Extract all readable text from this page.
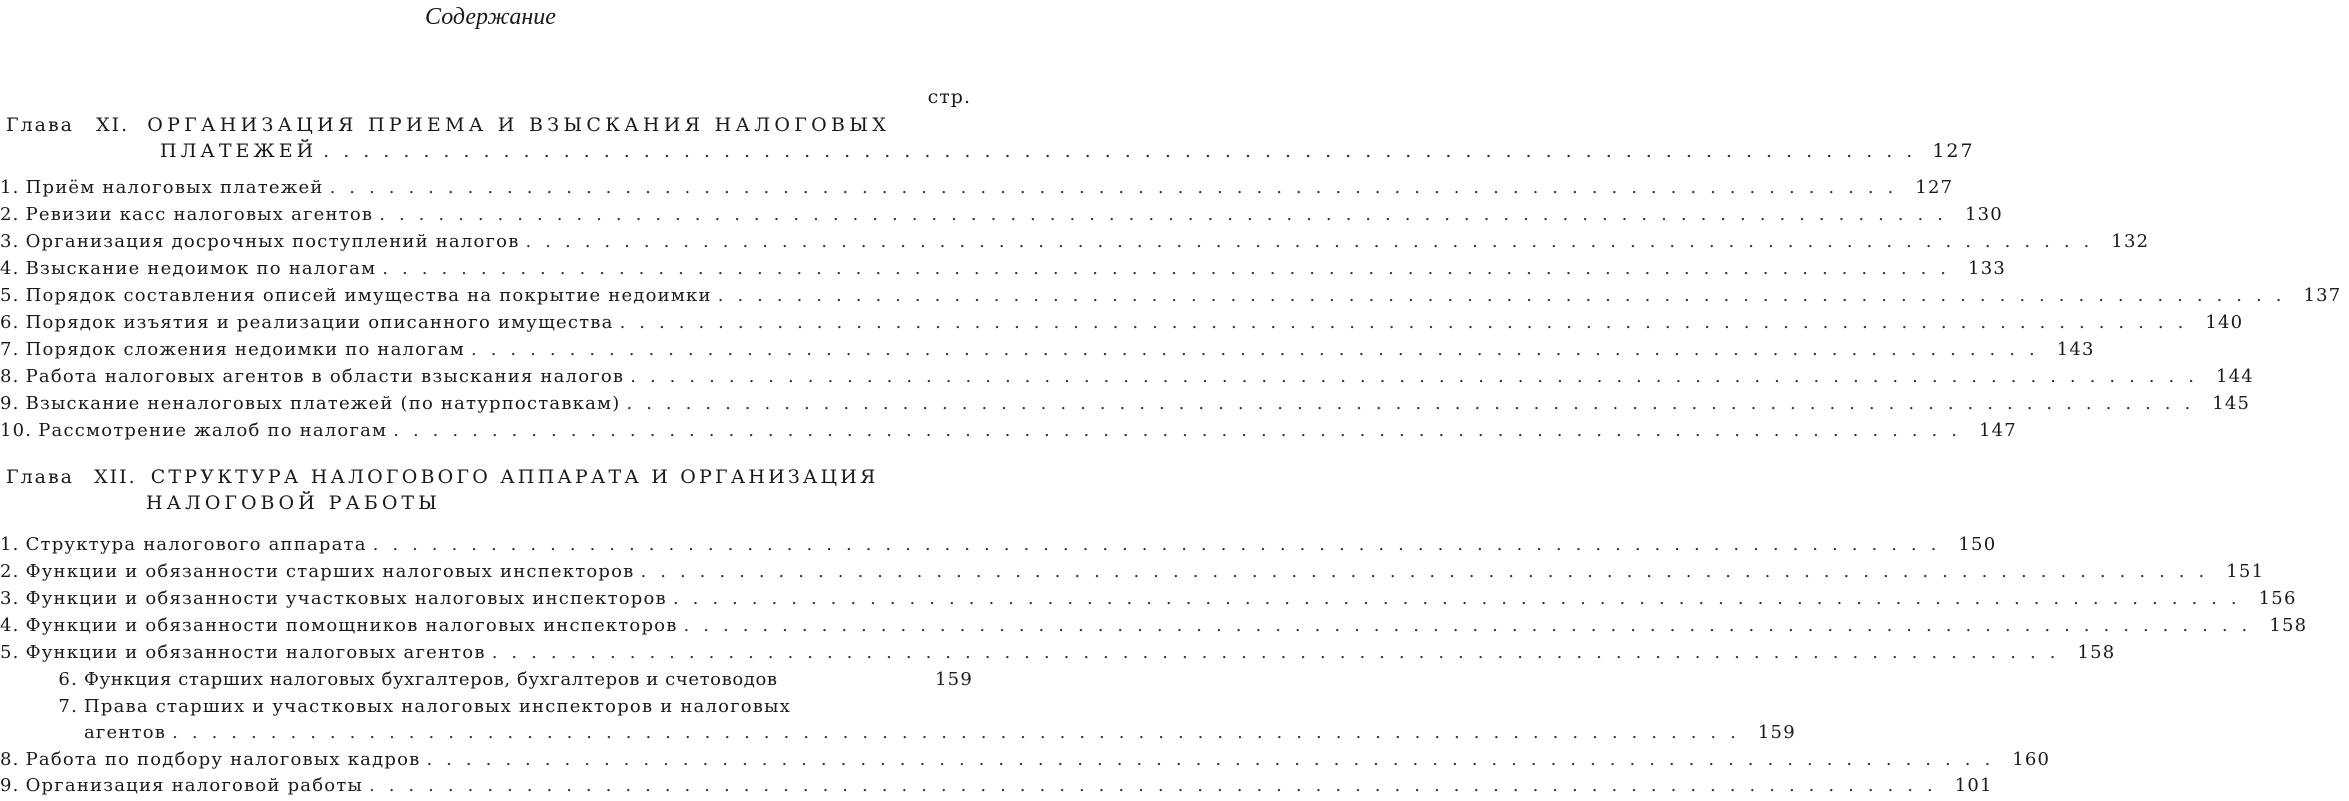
Содержание
стр.
Глава XI. ОРГАНИЗАЦИЯ ПРИЕМА И ВЗЫСКАНИЯ НАЛОГОВЫХ
ПЛАТЕЖЕЙ ................................................................................ 127
1. Приём налоговых платежей ................................................................................ 127
2. Ревизии касс налоговых агентов ................................................................................ 130
3. Организация досрочных поступлений налогов ................................................................................ 132
4. Взыскание недоимок по налогам ................................................................................ 133
5. Порядок составления описей имущества на покрытие недоимки ................................................................................ 137
6. Порядок изъятия и реализации описанного имущества ................................................................................ 140
7. Порядок сложения недоимки по налогам ................................................................................ 143
8. Работа налоговых агентов в области взыскания налогов ................................................................................ 144
9. Взыскание неналоговых платежей (по натурпоставкам) ................................................................................ 145
10. Рассмотрение жалоб по налогам ................................................................................ 147
Глава XII. СТРУКТУРА НАЛОГОВОГО АППАРАТА И ОРГАНИЗАЦИЯ
НАЛОГОВОЙ РАБОТЫ
1. Структура налогового аппарата ................................................................................ 150
2. Функции и обязанности старших налоговых инспекторов ................................................................................ 151
3. Функции и обязанности участковых налоговых инспекторов ................................................................................ 156
4. Функции и обязанности помощников налоговых инспекторов ................................................................................ 158
5. Функции и обязанности налоговых агентов ................................................................................ 158
6. Функция старших налоговых бухгалтеров, бухгалтеров и счетоводов	159
7. Права старших и участковых налоговых инспекторов и налоговых
агентов ................................................................................ 159
8. Работа по подбору налоговых кадров ................................................................................ 160
9. Организация налоговой работы ................................................................................ 101
